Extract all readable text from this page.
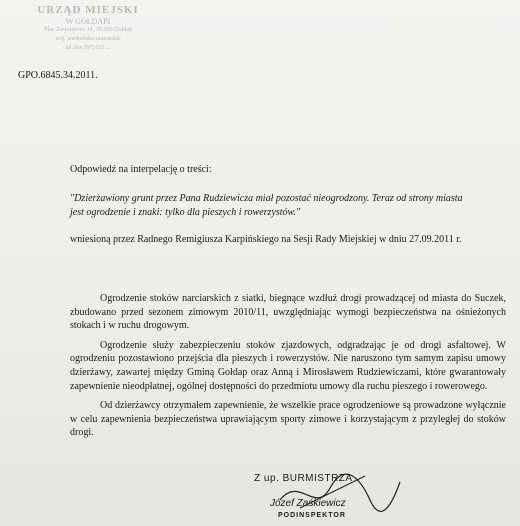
URZĄD MIEJSKI
W GOŁDAPI
Plac Zwycięstwa 14, 19-500 Gołdap
woj. warmińsko-mazurskie
tel./fax (87) 615 ...
GPO.6845.34.2011.
Odpowiedź na interpelację o treści:
"Dzierżawiony grunt przez Pana Rudziewicza miał pozostać nieogrodzony. Teraz od strony miasta
jest ogrodzenie i znaki: tylko dla pieszych i rowerzystów."
wniesioną przez Radnego Remigiusza Karpińskiego na Sesji Rady Miejskiej w dniu 27.09.2011 r.

Ogrodzenie stoków narciarskich z siatki, biegnące wzdłuż drogi prowadzącej od miasta do Suczek, zbudowano przed sezonem zimowym 2010/11, uwzględniając wymogi bezpieczeństwa na ośnieżonych stokach i w ruchu drogowym.

Ogrodzenie służy zabezpieczeniu stoków zjazdowych, odgradzając je od drogi asfaltowej. W ogrodzeniu pozostawiono przejścia dla pieszych i rowerzystów. Nie naruszono tym samym zapisu umowy dzierżawy, zawartej między Gminą Gołdap oraz Anną i Mirosławem Rudziewiczami, które gwarantowały zapewnienie nieodpłatnej, ogólnej dostępności do przedmiotu umowy dla ruchu pieszego i rowerowego.

Od dzierżawcy otrzymałem zapewnienie, że wszelkie prace ogrodzeniowe są prowadzone wyłącznie w celu zapewnienia bezpieczeństwa uprawiającym sporty zimowe i korzystającym z przyległej do stoków drogi.

Z up. BURMISTRZA
Józef Zaśkiewicz
PODINSPEKTOR
